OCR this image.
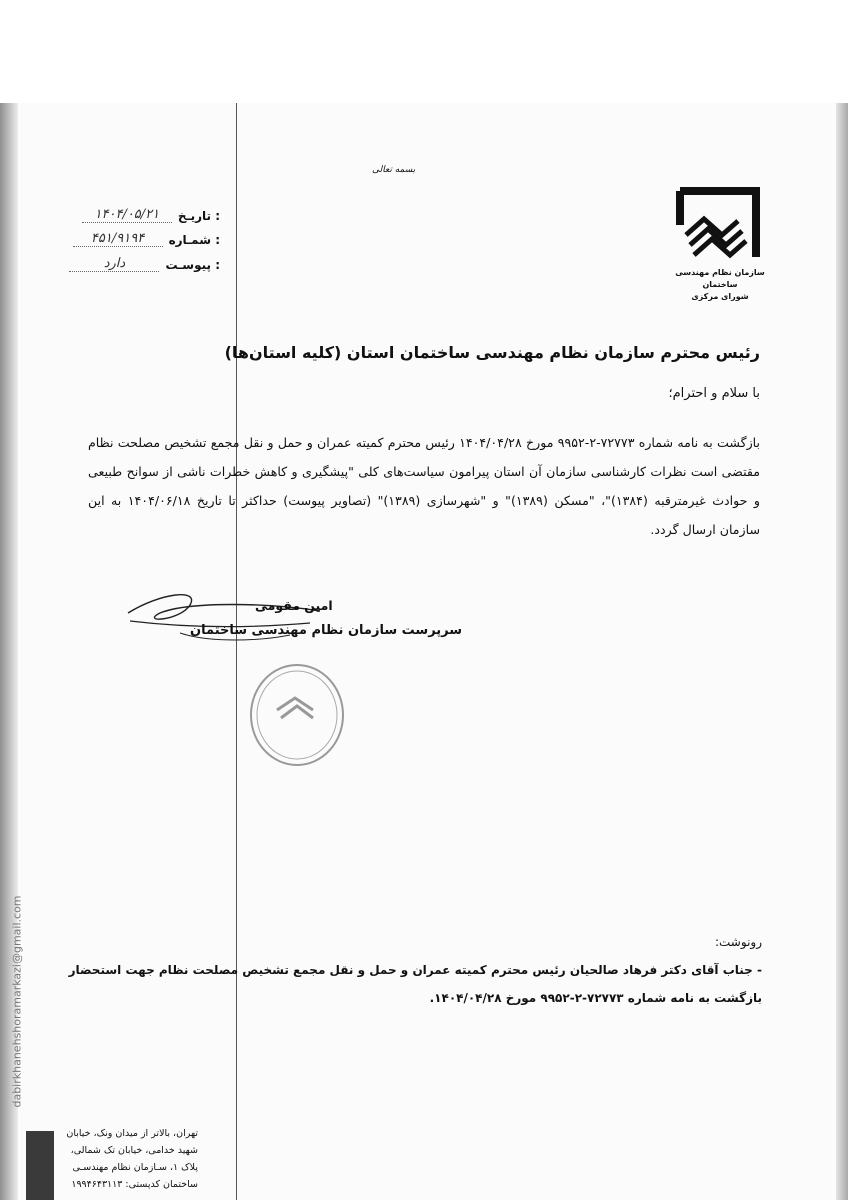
بسمه تعالی
سازمان نظام مهندسی ساختمان
شورای مرکزی
تاریـخ :
۱۴۰۴/۰۵/۲۱
شمـاره :
۴۵۱/۹۱۹۴
پیوسـت :
دارد
رئیس محترم سازمان نظام مهندسی ساختمان استان (کلیه استان‌ها)
با سلام و احترام؛
بازگشت به نامه شماره ۷۲۷۷۳-۲-۹۹۵۲ مورخ ۱۴۰۴/۰۴/۲۸ رئیس محترم کمیته عمران و حمل و نقل مجمع تشخیص مصلحت نظام مقتضی است نظرات کارشناسی سازمان آن استان پیرامون سیاست‌های کلی "پیشگیری و کاهش خطرات ناشی از سوانح طبیعی و حوادث غیرمترقبه (۱۳۸۴)"، "مسکن (۱۳۸۹)" و "شهرسازی (۱۳۸۹)" (تصاویر پیوست) حداکثر تا تاریخ ۱۴۰۴/۰۶/۱۸ به این سازمان ارسال گردد.
امین مقومی
سرپرست سازمان نظام مهندسی ساختمان
رونوشت:
- جناب آقای دکتر فرهاد صالحیان رئیس محترم کمیته عمران و حمل و نقل مجمع تشخیص مصلحت نظام جهت استحضار
بازگشت به نامه شماره ۷۲۷۷۳-۲-۹۹۵۲ مورخ ۱۴۰۴/۰۴/۲۸.
dabirkhanehshoramarkazi@gmail.com
تهران، بالاتر از میدان ونک، خیابان
شهید خدامی، خیابان تک شمالی،
پلاک ۱، سـازمان نظام مهندسـی
ساختمان کدپستی: ۱۹۹۴۶۴۳۱۱۳
